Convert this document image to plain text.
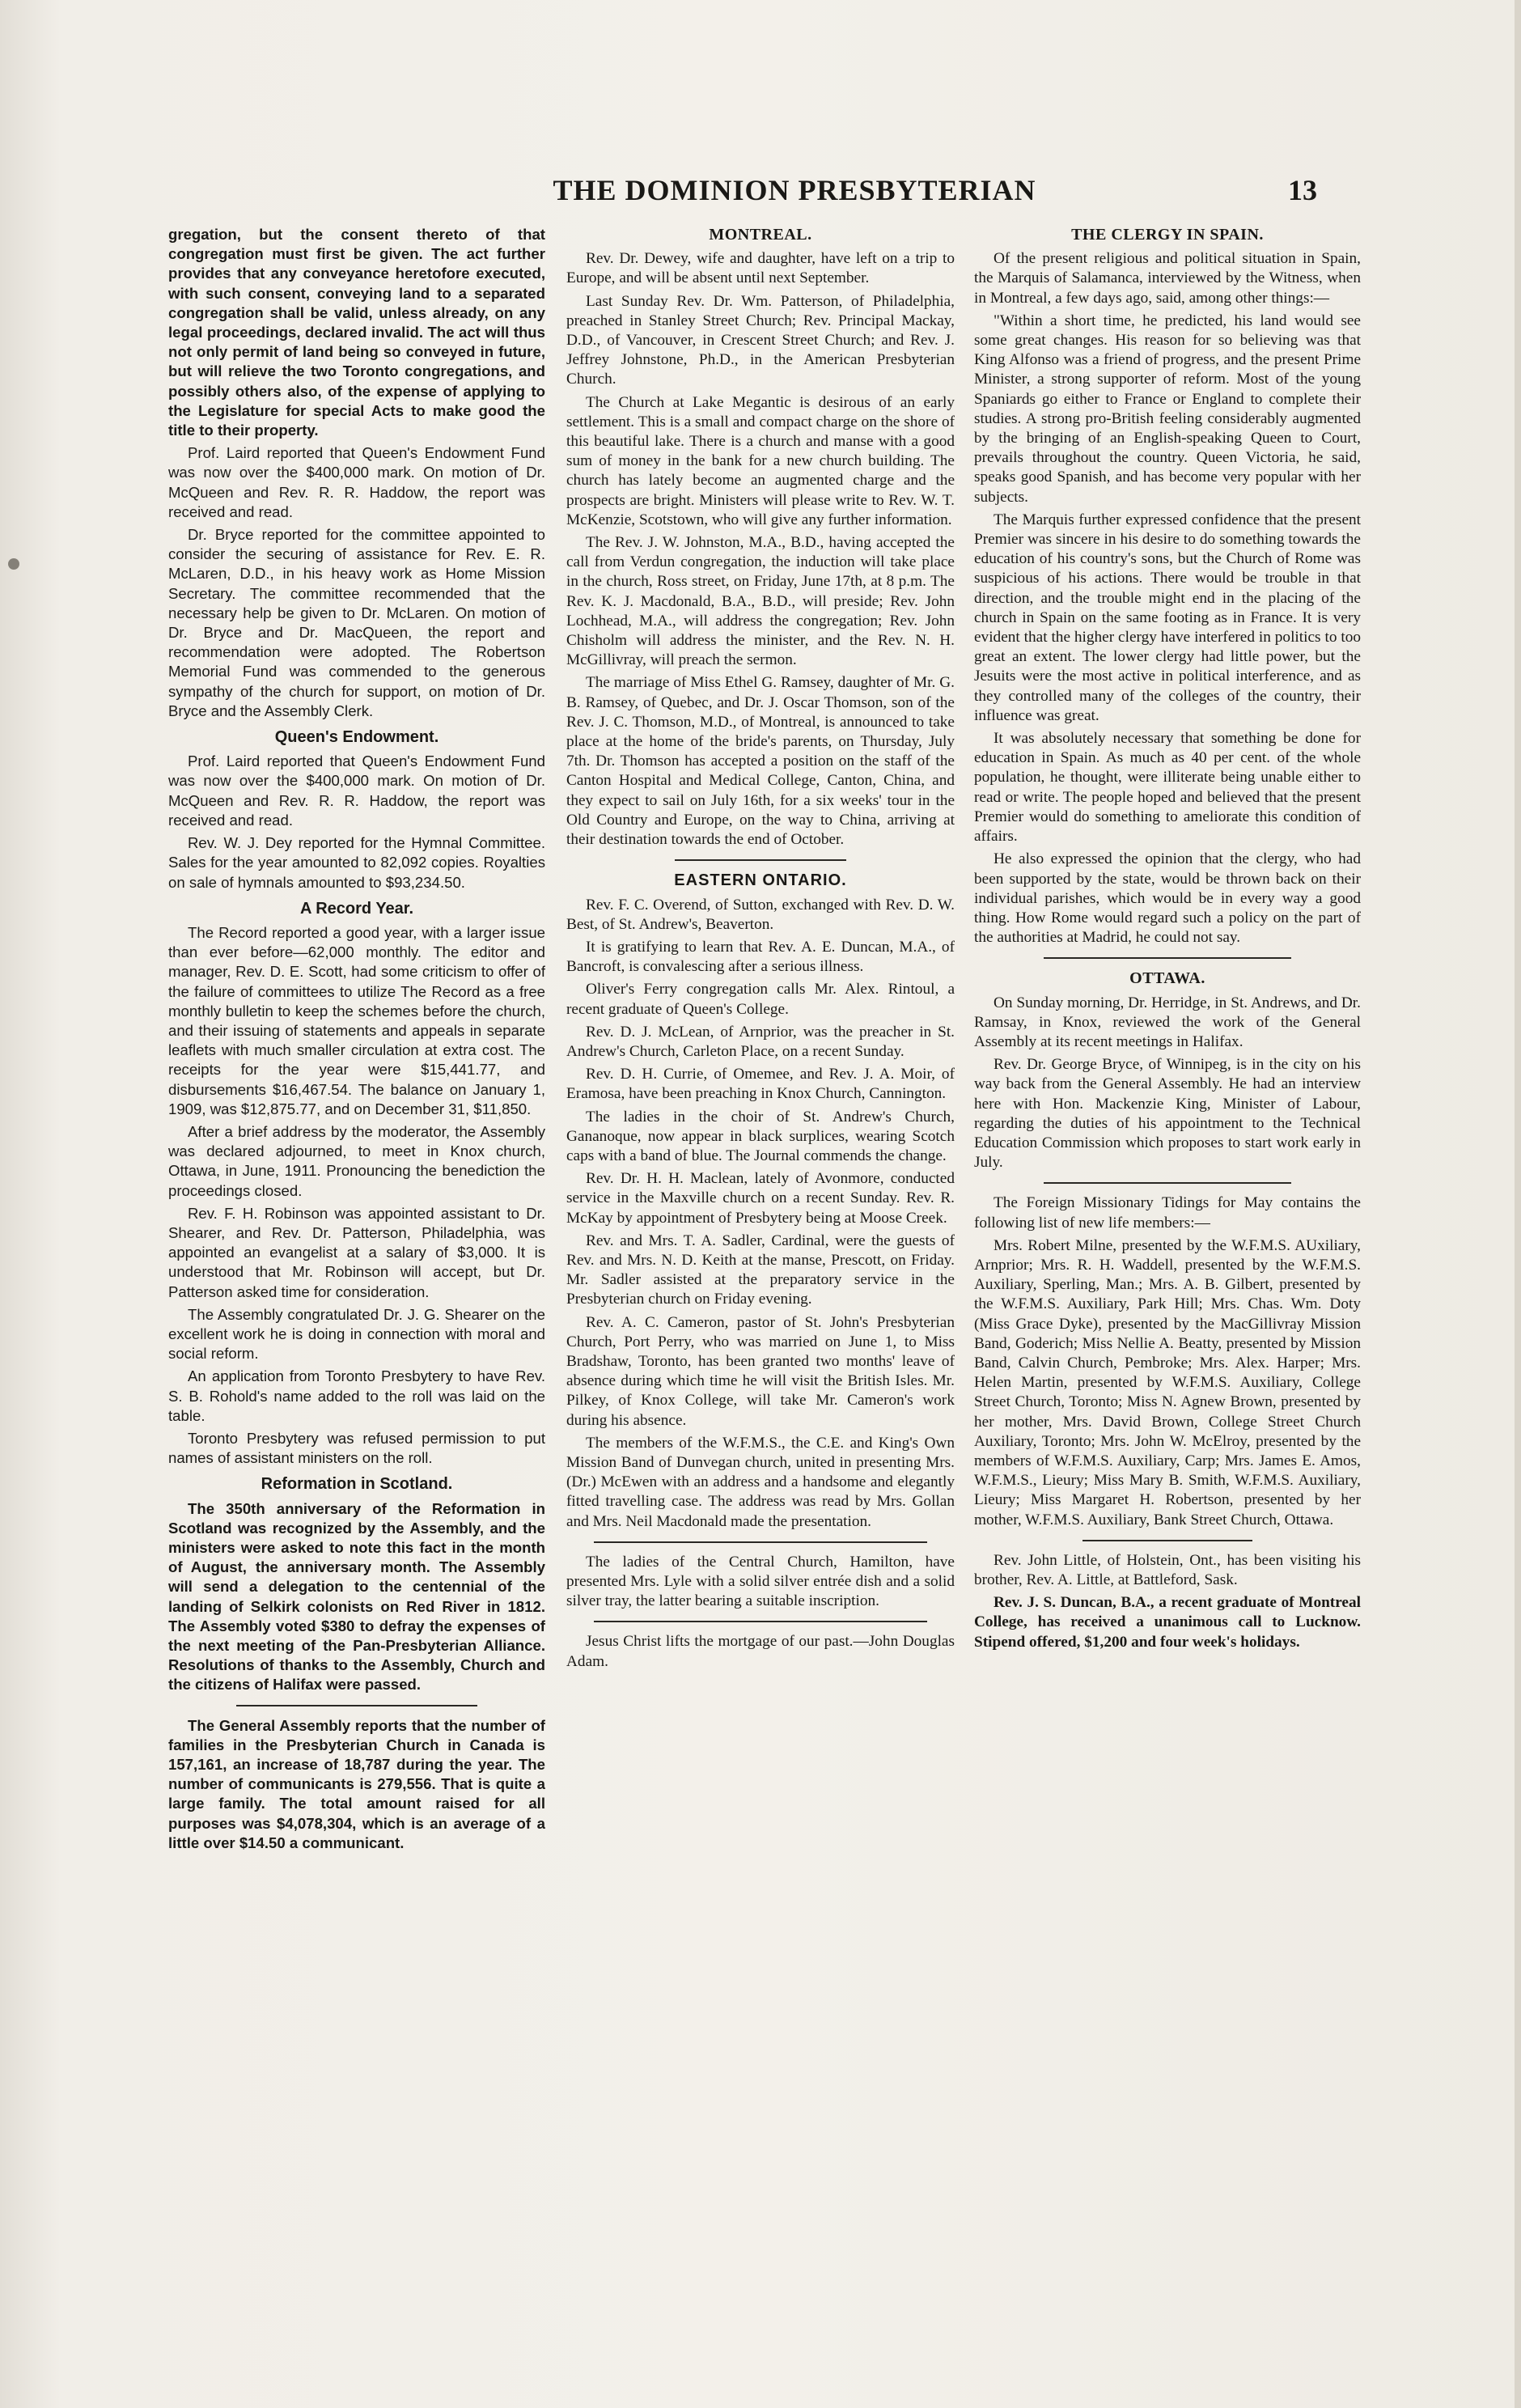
THE DOMINION PRESBYTERIAN	13

gregation, but the consent thereto of that congregation must first be given. The act further provides that any conveyance heretofore executed, with such consent, conveying land to a separated congregation shall be valid, unless already, on any legal proceedings, declared invalid. The act will thus not only permit of land being so conveyed in future, but will relieve the two Toronto congregations, and possibly others also, of the expense of applying to the Legislature for special Acts to make good the title to their property.

Prof. Laird reported that Queen's Endowment Fund was now over the $400,000 mark. On motion of Dr. McQueen and Rev. R. R. Haddow, the report was received and read.

Dr. Bryce reported for the committee appointed to consider the securing of assistance for Rev. E. R. McLaren, D.D., in his heavy work as Home Mission Secretary. The committee recommended that the necessary help be given to Dr. McLaren. On motion of Dr. Bryce and Dr. MacQueen, the report and recommendation were adopted. The Robertson Memorial Fund was commended to the generous sympathy of the church for support, on motion of Dr. Bryce and the Assembly Clerk.

Queen's Endowment.

Prof. Laird reported that Queen's Endowment Fund was now over the $400,000 mark. On motion of Dr. McQueen and Rev. R. R. Haddow, the report was received and read.

Rev. W. J. Dey reported for the Hymnal Committee. Sales for the year amounted to 82,092 copies. Royalties on sale of hymnals amounted to $93,234.50.

A Record Year.

The Record reported a good year, with a larger issue than ever before—62,000 monthly. The editor and manager, Rev. D. E. Scott, had some criticism to offer of the failure of committees to utilize The Record as a free monthly bulletin to keep the schemes before the church, and their issuing of statements and appeals in separate leaflets with much smaller circulation at extra cost. The receipts for the year were $15,441.77, and disbursements $16,467.54. The balance on January 1, 1909, was $12,875.77, and on December 31, $11,850.

After a brief address by the moderator, the Assembly was declared adjourned, to meet in Knox church, Ottawa, in June, 1911. Pronouncing the benediction the proceedings closed.

Rev. F. H. Robinson was appointed assistant to Dr. Shearer, and Rev. Dr. Patterson, Philadelphia, was appointed an evangelist at a salary of $3,000. It is understood that Mr. Robinson will accept, but Dr. Patterson asked time for consideration.

The Assembly congratulated Dr. J. G. Shearer on the excellent work he is doing in connection with moral and social reform.

An application from Toronto Presbytery to have Rev. S. B. Rohold's name added to the roll was laid on the table.

Toronto Presbytery was refused permission to put names of assistant ministers on the roll.

Reformation in Scotland.

The 350th anniversary of the Reformation in Scotland was recognized by the Assembly, and the ministers were asked to note this fact in the month of August, the anniversary month. The Assembly will send a delegation to the centennial of the landing of Selkirk colonists on Red River in 1812. The Assembly voted $380 to defray the expenses of the next meeting of the Pan-Presbyterian Alliance. Resolutions of thanks to the Assembly, Church and the citizens of Halifax were passed.

The General Assembly reports that the number of families in the Presbyterian Church in Canada is 157,161, an increase of 18,787 during the year. The number of communicants is 279,556. That is quite a large family. The total amount raised for all purposes was $4,078,304, which is an average of a little over $14.50 a communicant.

MONTREAL.

Rev. Dr. Dewey, wife and daughter, have left on a trip to Europe, and will be absent until next September.

Last Sunday Rev. Dr. Wm. Patterson, of Philadelphia, preached in Stanley Street Church; Rev. Principal Mackay, D.D., of Vancouver, in Crescent Street Church; and Rev. J. Jeffrey Johnstone, Ph.D., in the American Presbyterian Church.

The Church at Lake Megantic is desirous of an early settlement. This is a small and compact charge on the shore of this beautiful lake. There is a church and manse with a good sum of money in the bank for a new church building. The church has lately become an augmented charge and the prospects are bright. Ministers will please write to Rev. W. T. McKenzie, Scotstown, who will give any further information.

The Rev. J. W. Johnston, M.A., B.D., having accepted the call from Verdun congregation, the induction will take place in the church, Ross street, on Friday, June 17th, at 8 p.m. The Rev. K. J. Macdonald, B.A., B.D., will preside; Rev. John Lochhead, M.A., will address the congregation; Rev. John Chisholm will address the minister, and the Rev. N. H. McGillivray, will preach the sermon.

The marriage of Miss Ethel G. Ramsey, daughter of Mr. G. B. Ramsey, of Quebec, and Dr. J. Oscar Thomson, son of the Rev. J. C. Thomson, M.D., of Montreal, is announced to take place at the home of the bride's parents, on Thursday, July 7th. Dr. Thomson has accepted a position on the staff of the Canton Hospital and Medical College, Canton, China, and they expect to sail on July 16th, for a six weeks' tour in the Old Country and Europe, on the way to China, arriving at their destination towards the end of October.

EASTERN ONTARIO.

Rev. F. C. Overend, of Sutton, exchanged with Rev. D. W. Best, of St. Andrew's, Beaverton.

It is gratifying to learn that Rev. A. E. Duncan, M.A., of Bancroft, is convalescing after a serious illness.

Oliver's Ferry congregation calls Mr. Alex. Rintoul, a recent graduate of Queen's College.

Rev. D. J. McLean, of Arnprior, was the preacher in St. Andrew's Church, Carleton Place, on a recent Sunday.

Rev. D. H. Currie, of Omemee, and Rev. J. A. Moir, of Eramosa, have been preaching in Knox Church, Cannington.

The ladies in the choir of St. Andrew's Church, Gananoque, now appear in black surplices, wearing Scotch caps with a band of blue. The Journal commends the change.

Rev. Dr. H. H. Maclean, lately of Avonmore, conducted service in the Maxville church on a recent Sunday. Rev. R. McKay by appointment of Presbytery being at Moose Creek.

Rev. and Mrs. T. A. Sadler, Cardinal, were the guests of Rev. and Mrs. N. D. Keith at the manse, Prescott, on Friday. Mr. Sadler assisted at the preparatory service in the Presbyterian church on Friday evening.

Rev. A. C. Cameron, pastor of St. John's Presbyterian Church, Port Perry, who was married on June 1, to Miss Bradshaw, Toronto, has been granted two months' leave of absence during which time he will visit the British Isles. Mr. Pilkey, of Knox College, will take Mr. Cameron's work during his absence.

The members of the W.F.M.S., the C.E. and King's Own Mission Band of Dunvegan church, united in presenting Mrs. (Dr.) McEwen with an address and a handsome and elegantly fitted travelling case. The address was read by Mrs. Gollan and Mrs. Neil Macdonald made the presentation.

The ladies of the Central Church, Hamilton, have presented Mrs. Lyle with a solid silver entrée dish and a solid silver tray, the latter bearing a suitable inscription.

Jesus Christ lifts the mortgage of our past.—John Douglas Adam.

THE CLERGY IN SPAIN.

Of the present religious and political situation in Spain, the Marquis of Salamanca, interviewed by the Witness, when in Montreal, a few days ago, said, among other things:—

"Within a short time, he predicted, his land would see some great changes. His reason for so believing was that King Alfonso was a friend of progress, and the present Prime Minister, a strong supporter of reform. Most of the young Spaniards go either to France or England to complete their studies. A strong pro-British feeling considerably augmented by the bringing of an English-speaking Queen to Court, prevails throughout the country. Queen Victoria, he said, speaks good Spanish, and has become very popular with her subjects.

The Marquis further expressed confidence that the present Premier was sincere in his desire to do something towards the education of his country's sons, but the Church of Rome was suspicious of his actions. There would be trouble in that direction, and the trouble might end in the placing of the church in Spain on the same footing as in France. It is very evident that the higher clergy have interfered in politics to too great an extent. The lower clergy had little power, but the Jesuits were the most active in political interference, and as they controlled many of the colleges of the country, their influence was great.

It was absolutely necessary that something be done for education in Spain. As much as 40 per cent. of the whole population, he thought, were illiterate being unable either to read or write. The people hoped and believed that the present Premier would do something to ameliorate this condition of affairs.

He also expressed the opinion that the clergy, who had been supported by the state, would be thrown back on their individual parishes, which would be in every way a good thing. How Rome would regard such a policy on the part of the authorities at Madrid, he could not say.

OTTAWA.

On Sunday morning, Dr. Herridge, in St. Andrews, and Dr. Ramsay, in Knox, reviewed the work of the General Assembly at its recent meetings in Halifax.

Rev. Dr. George Bryce, of Winnipeg, is in the city on his way back from the General Assembly. He had an interview here with Hon. Mackenzie King, Minister of Labour, regarding the duties of his appointment to the Technical Education Commission which proposes to start work early in July.

The Foreign Missionary Tidings for May contains the following list of new life members:—

Mrs. Robert Milne, presented by the W.F.M.S. AUxiliary, Arnprior; Mrs. R. H. Waddell, presented by the W.F.M.S. Auxiliary, Sperling, Man.; Mrs. A. B. Gilbert, presented by the W.F.M.S. Auxiliary, Park Hill; Mrs. Chas. Wm. Doty (Miss Grace Dyke), presented by the MacGillivray Mission Band, Goderich; Miss Nellie A. Beatty, presented by Mission Band, Calvin Church, Pembroke; Mrs. Alex. Harper; Mrs. Helen Martin, presented by W.F.M.S. Auxiliary, College Street Church, Toronto; Miss N. Agnew Brown, presented by her mother, Mrs. David Brown, College Street Church Auxiliary, Toronto; Mrs. John W. McElroy, presented by the members of W.F.M.S. Auxiliary, Carp; Mrs. James E. Amos, W.F.M.S., Lieury; Miss Mary B. Smith, W.F.M.S. Auxiliary, Lieury; Miss Margaret H. Robertson, presented by her mother, W.F.M.S. Auxiliary, Bank Street Church, Ottawa.

Rev. John Little, of Holstein, Ont., has been visiting his brother, Rev. A. Little, at Battleford, Sask.

Rev. J. S. Duncan, B.A., a recent graduate of Montreal College, has received a unanimous call to Lucknow. Stipend offered, $1,200 and four week's holidays.
